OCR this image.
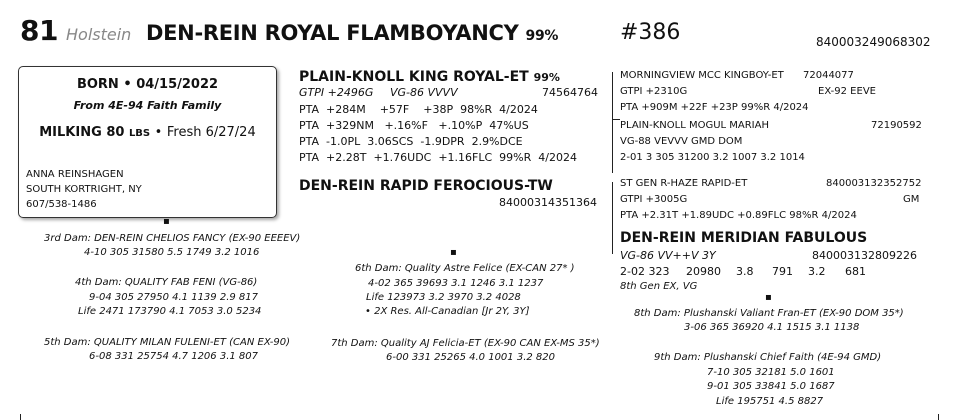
81 Holstein DEN-REIN ROYAL FLAMBOYANCY 99%	#386	840003249068302
BORN • 04/15/2022
From 4E-94 Faith Family
MILKING 80 LBS • Fresh 6/27/24
ANNA REINSHAGEN
SOUTH KORTRIGHT, NY
607/538-1486
PLAIN-KNOLL KING ROYAL-ET 99%
GTPI +2496G VG-86 VVVV	74564764
PTA  +284M    +57F    +38P  98%R  4/2024
PTA  +329NM   +.16%F   +.10%P  47%US
PTA  -1.0PL  3.06SCS  -1.9DPR  2.9%DCE
PTA  +2.28T  +1.76UDC  +1.16FLC  99%R  4/2024
DEN-REIN RAPID FEROCIOUS-TW
840003143513​64
MORNINGVIEW MCC KINGBOY-ET 72044077
GTPI +2310G	EX-92 EEVE
PTA +909M +22F +23P 99%R 4/2024
PLAIN-KNOLL MOGUL MARIAH	72190592
VG-88 VEVVV GMD DOM
2-01 3 305 31200 3.2 1007 3.2 1014
ST GEN R-HAZE RAPID-ET	840003132352752
GTPI +3005G	GM
PTA +2.31T +1.89UDC +0.89FLC 98%R 4/2024
DEN-REIN MERIDIAN FABULOUS
VG-86 VV++V 3Y	840003132809226
2-02 323 20980 3.8 791 3.2 681
8th Gen EX, VG
▪
3rd Dam: DEN-REIN CHELIOS FANCY (EX-90 EEEEV)
4-10 305 31580 5.5 1749 3.2 1016
4th Dam: QUALITY FAB FENI (VG-86)
9-04 305 27950 4.1 1139 2.9 817
Life 2471 173790 4.1 7053 3.0 5234
5th Dam: QUALITY MILAN FULENI-ET (CAN EX-90)
6-08 331 25754 4.7 1206 3.1 807
▪
6th Dam: Quality Astre Felice (EX-CAN 27* )
4-02 365 39693 3.1 1246 3.1 1237
Life 123973 3.2 3970 3.2 4028
• 2X Res. All-Canadian [Jr 2Y, 3Y]
7th Dam: Quality AJ Felicia-ET (EX-90 CAN EX-MS 35*)
6-00 331 25265 4.0 1001 3.2 820
▪
8th Dam: Plushanski Valiant Fran-ET (EX-90 DOM 35*)
3-06 365 36920 4.1 1515 3.1 1138
9th Dam: Plushanski Chief Faith (4E-94 GMD)
7-10 305 32181 5.0 1601
9-01 305 33841 5.0 1687
Life 195751 4.5 8827
